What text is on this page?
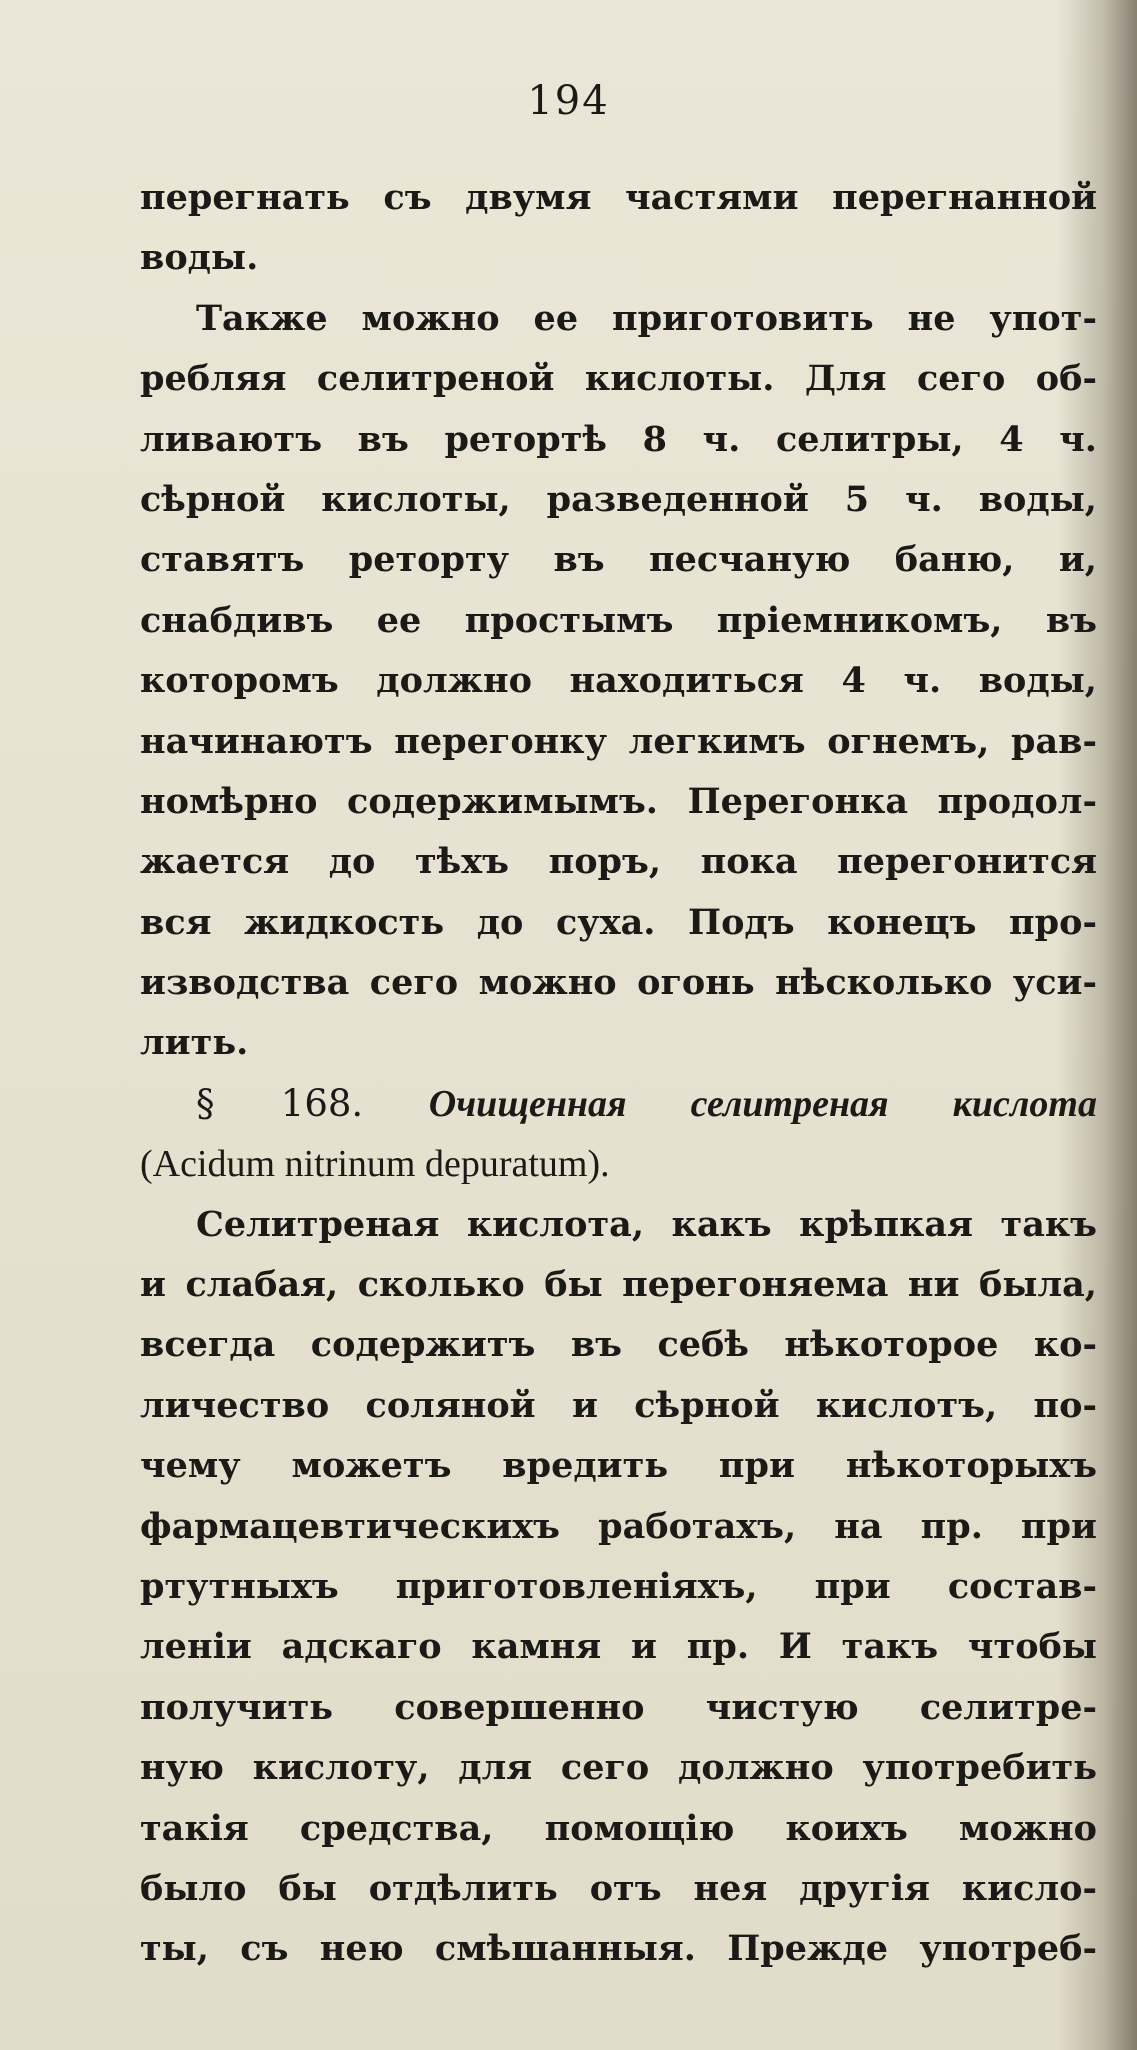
194
перегнать съ двумя частями перегнанной
воды.
Также можно ее приготовить не упот-
ребляя селитреной кислоты. Для сего об-
ливаютъ въ ретортѣ 8 ч. селитры, 4 ч.
сѣрной кислоты, разведенной 5 ч. воды,
ставятъ реторту въ песчаную баню, и,
снабдивъ ее простымъ прiемникомъ, въ
которомъ должно находиться 4 ч. воды,
начинаютъ перегонку легкимъ огнемъ, рав-
номѣрно содержимымъ. Перегонка продол-
жается до тѣхъ поръ, пока перегонится
вся жидкость до суха. Подъ конецъ про-
изводства сего можно огонь нѣсколько уси-
лить.
§ 168. Очищенная селитреная кислота
(Acidum nitrinum depuratum).
Селитреная кислота, какъ крѣпкая такъ
и слабая, сколько бы перегоняема ни была,
всегда содержитъ въ себѣ нѣкоторое ко-
личество соляной и сѣрной кислотъ, по-
чему можетъ вредить при нѣкоторыхъ
фармацевтическихъ работахъ, на пр. при
ртутныхъ приготовленiяхъ, при состав-
ленiи адскаго камня и пр. И такъ чтобы
получить совершенно чистую селитре-
ную кислоту, для сего должно употребить
такiя средства, помощiю коихъ можно
было бы отдѣлить отъ нея другiя кисло-
ты, съ нею смѣшанныя. Прежде употреб-
